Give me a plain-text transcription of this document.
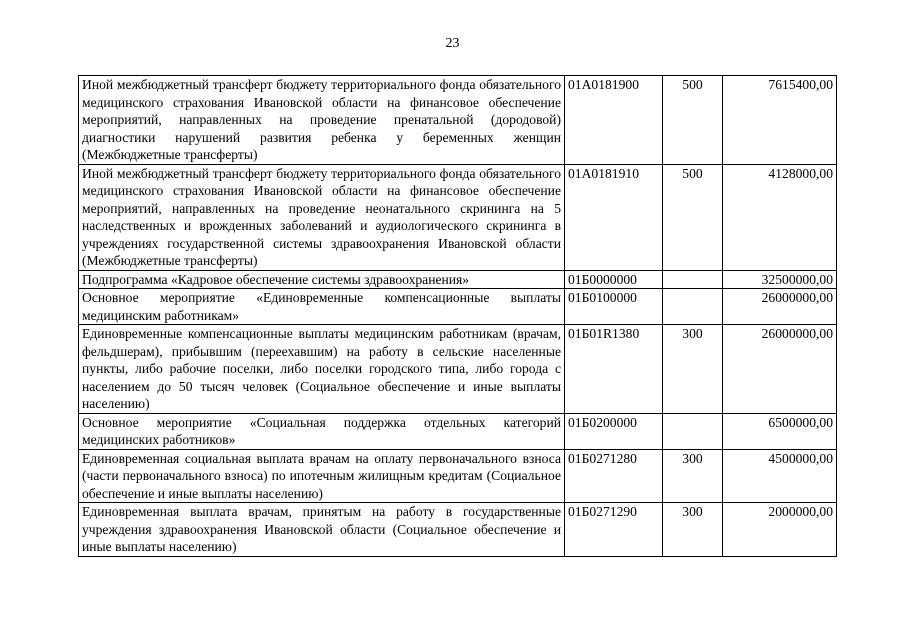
23
Иной межбюджетный трансферт бюджету территориального фонда обязательного медицинского страхования Ивановской области на финансовое обеспечение мероприятий, направленных на проведение пренатальной (дородовой) диагностики нарушений развития ребенка у беременных женщин (Межбюджетные трансферты)	01А0181900	500	7615400,00
Иной межбюджетный трансферт бюджету территориального фонда обязательного медицинского страхования Ивановской области на финансовое обеспечение мероприятий, направленных на проведение неонатального скрининга на 5 наследственных и врожденных заболеваний и аудиологического скрининга в учреждениях государственной системы здравоохранения Ивановской области (Межбюджетные трансферты)	01А0181910	500	4128000,00
Подпрограмма «Кадровое обеспечение системы здравоохранения»	01Б0000000		32500000,00
Основное мероприятие «Единовременные компенсационные выплаты медицинским работникам»	01Б0100000		26000000,00
Единовременные компенсационные выплаты медицинским работникам (врачам, фельдшерам), прибывшим (переехавшим) на работу в сельские населенные пункты, либо рабочие поселки, либо поселки городского типа, либо города с населением до 50 тысяч человек (Социальное обеспечение и иные выплаты населению)	01Б01R1380	300	26000000,00
Основное мероприятие «Социальная поддержка отдельных категорий медицинских работников»	01Б0200000		6500000,00
Единовременная социальная выплата врачам на оплату первоначального взноса (части первоначального взноса) по ипотечным жилищным кредитам (Социальное обеспечение и иные выплаты населению)	01Б0271280	300	4500000,00
Единовременная выплата врачам, принятым на работу в государственные учреждения здравоохранения Ивановской области (Социальное обеспечение и иные выплаты населению)	01Б0271290	300	2000000,00
